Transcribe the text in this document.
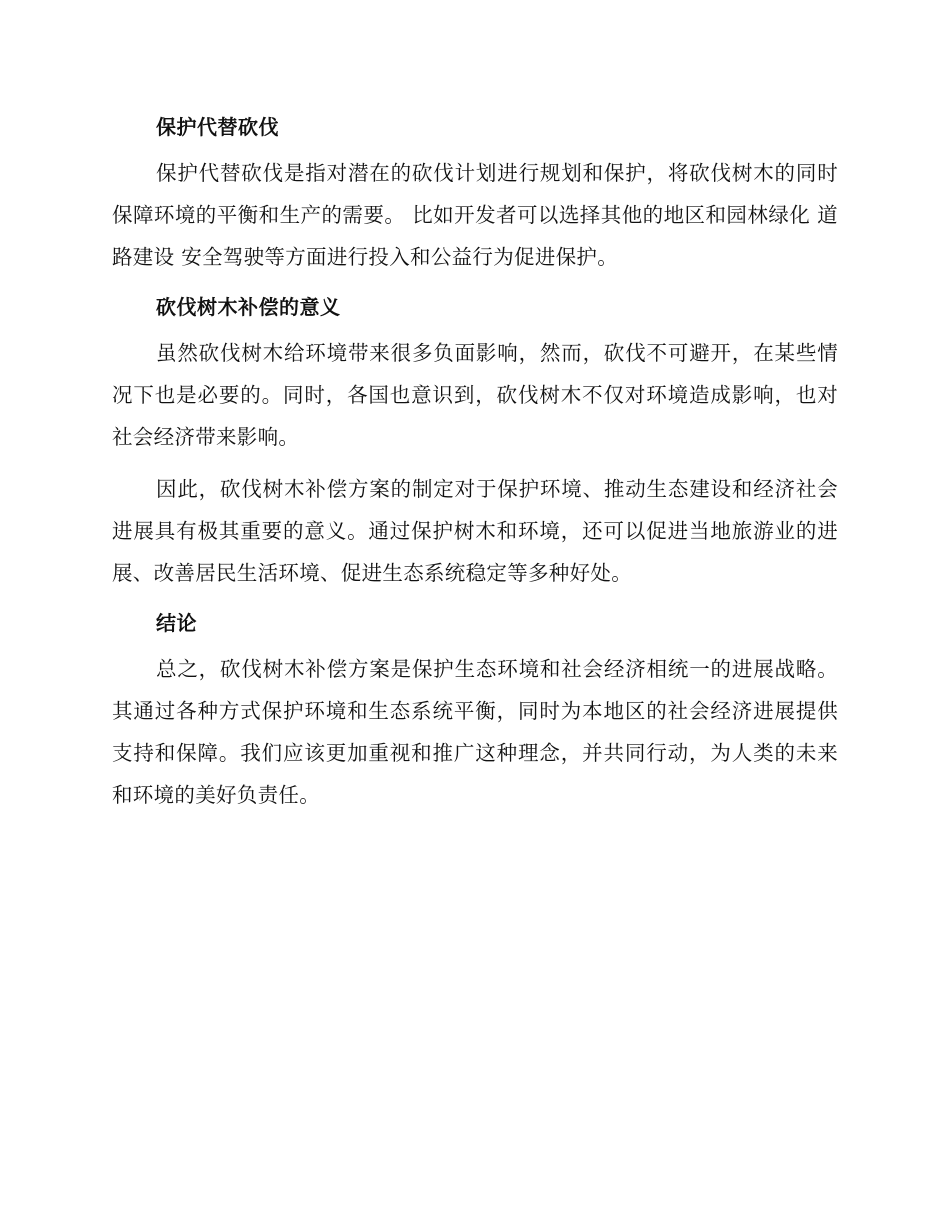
保护代替砍伐

保护代替砍伐是指对潜在的砍伐计划进行规划和保护，将砍伐树木的同时保障环境的平衡和生产的需要。 比如开发者可以选择其他的地区和园林绿化 道路建设 安全驾驶等方面进行投入和公益行为促进保护。

砍伐树木补偿的意义

虽然砍伐树木给环境带来很多负面影响，然而，砍伐不可避开，在某些情况下也是必要的。同时，各国也意识到，砍伐树木不仅对环境造成影响，也对社会经济带来影响。

因此，砍伐树木补偿方案的制定对于保护环境、推动生态建设和经济社会进展具有极其重要的意义。通过保护树木和环境，还可以促进当地旅游业的进展、改善居民生活环境、促进生态系统稳定等多种好处。

结论

总之，砍伐树木补偿方案是保护生态环境和社会经济相统一的进展战略。其通过各种方式保护环境和生态系统平衡，同时为本地区的社会经济进展提供支持和保障。我们应该更加重视和推广这种理念，并共同行动，为人类的未来和环境的美好负责任。
